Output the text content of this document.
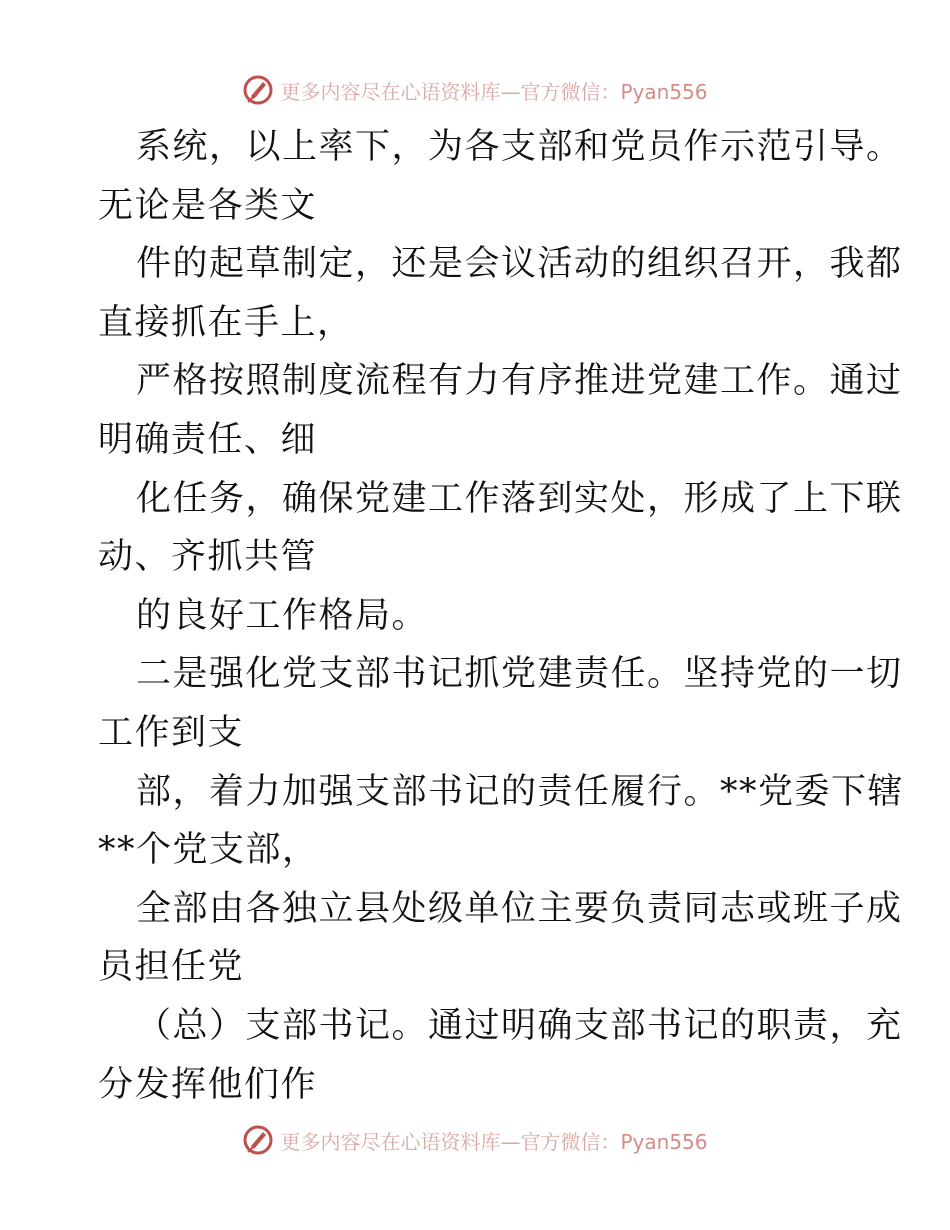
更多内容尽在心语资料库—官方微信：Pyan556
系统，以上率下，为各支部和党员作示范引导。
无论是各类文
件的起草制定，还是会议活动的组织召开，我都
直接抓在手上，
严格按照制度流程有力有序推进党建工作。通过
明确责任、细
化任务，确保党建工作落到实处，形成了上下联
动、齐抓共管
的良好工作格局。
二是强化党支部书记抓党建责任。坚持党的一切
工作到支
部，着力加强支部书记的责任履行。**党委下辖
**个党支部，
全部由各独立县处级单位主要负责同志或班子成
员担任党
（总）支部书记。通过明确支部书记的职责，充
分发挥他们作
更多内容尽在心语资料库—官方微信：Pyan556
